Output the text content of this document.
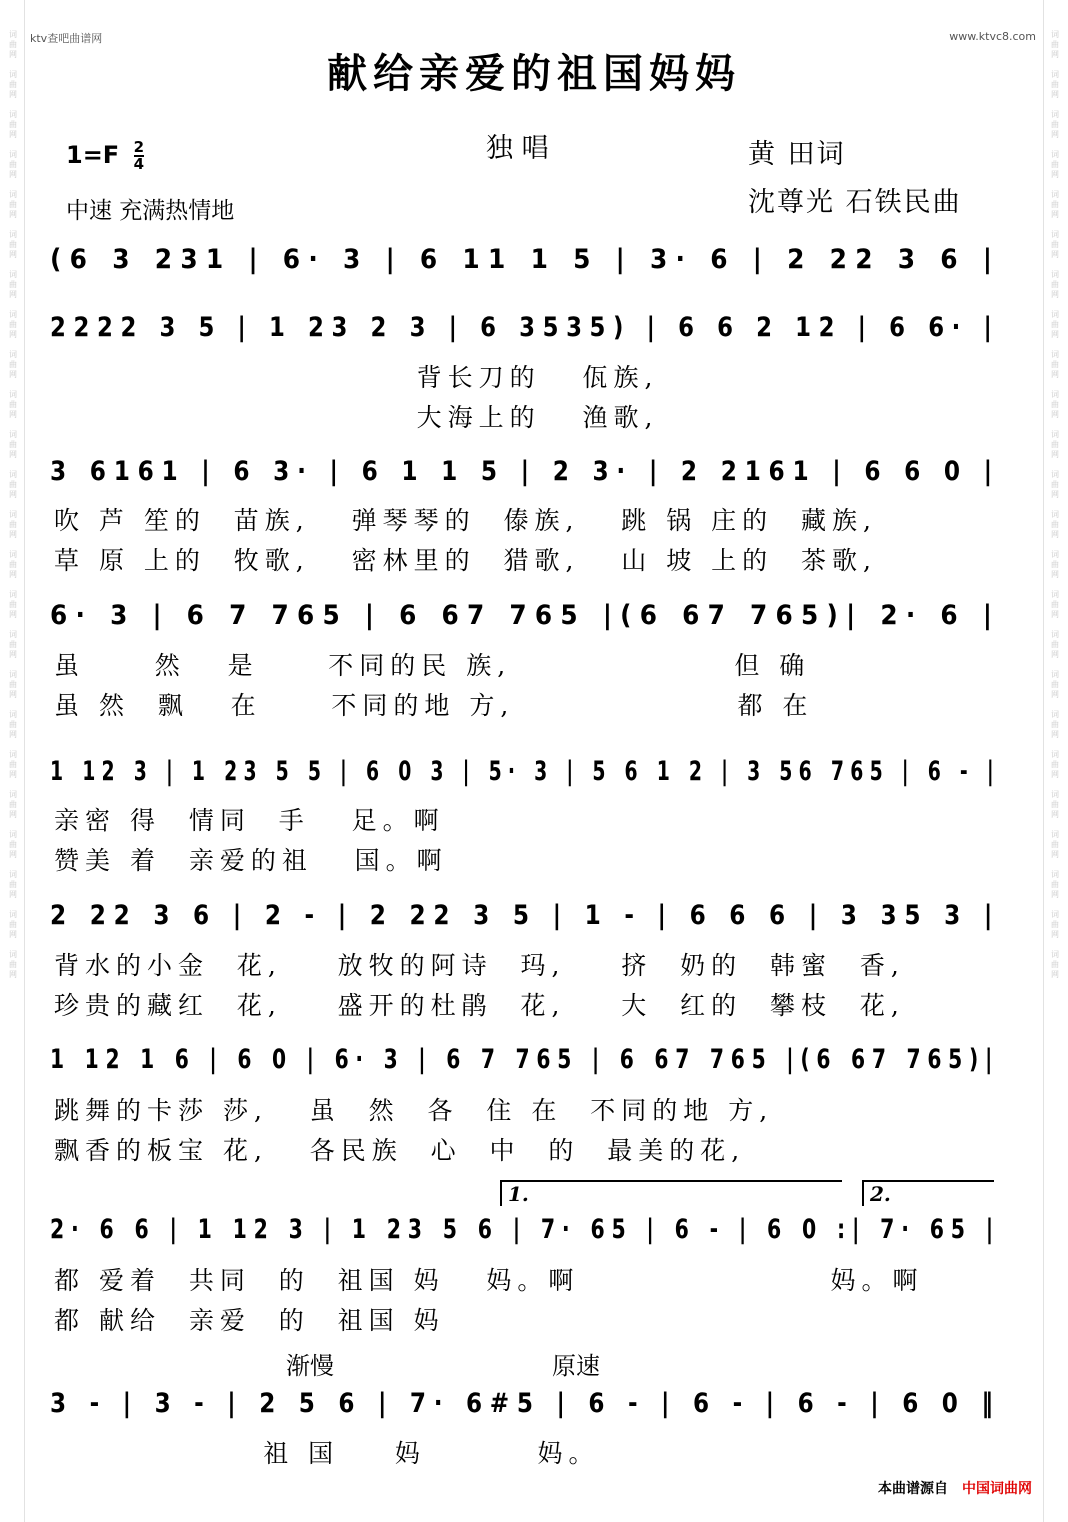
词
曲
网

词
曲
网

词
曲
网

词
曲
网

词
曲
网

词
曲
网

词
曲
网

词
曲
网

词
曲
网

词
曲
网

词
曲
网

词
曲
网

词
曲
网

词
曲
网

词
曲
网

词
曲
网

词
曲
网

词
曲
网

词
曲
网

词
曲
网

词
曲
网

词
曲
网

词
曲
网

词
曲
网

词
曲
网

词
曲
网

词
曲
网

词
曲
网

词
曲
网

词
曲
网

词
曲
网

词
曲
网

词
曲
网

词
曲
网

词
曲
网

词
曲
网

词
曲
网

词
曲
网

词
曲
网

词
曲
网

词
曲
网

词
曲
网

词
曲
网

词
曲
网

词
曲
网

词
曲
网

词
曲
网

词
曲
网

ktv查吧曲谱网	www.ktvc8.com
献给亲爱的祖国妈妈
$1=F \frac{2}{4}$	独 唱	黄 田词
沈尊光 石铁民曲
中速 充满热情地
(6 3 231 | 6· 3 | 6 11 1 5 | 3· 6 | 2 22 3 6 |
2222 3 5 | 1 23 2 3 | 6 3535) | 6 6 2 12 | 6 6· |
背长刀的   佤族,
大海上的   渔歌,
3 6161 | 6 3· | 6 1 1 5 | 2 3· | 2 2161 | 6 6 0 |
吹 芦 笙的  苗族,   弹琴琴的  傣族,   跳 锅 庄的  藏族,
草 原 上的  牧歌,   密林里的  猎歌,   山 坡 上的  茶歌,
6· 3 | 6 7 765 | 6 67 765 |(6 67 765)| 2· 6 |
虽     然   是     不同的民 族,                但 确
虽 然  飘   在     不同的地 方,                都 在
1 12 3 | 1 23 5 5 | 6 0 3 | 5· 3 | 5 6 1 2 | 3 56 765 | 6 - |
亲密 得  情同  手   足。啊
赞美 着  亲爱的祖   国。啊
2 22 3 6 | 2 - | 2 22 3 5 | 1 - | 6 6 6 | 3 35 3 |
背水的小金  花,    放牧的阿诗  玛,    挤  奶的  韩蜜  香,
珍贵的藏红  花,    盛开的杜鹃  花,    大  红的  攀枝  花,
1 12 1 6 | 6 0 | 6· 3 | 6 7 765 | 6 67 765 |(6 67 765)|
跳舞的卡莎 莎,   虽  然  各  住 在  不同的地 方,
飘香的板宝 花,   各民族  心  中  的  最美的花,
2· 6 6 | 1 12 3 | 1 23 5 6 | 7· 65 | 6 - | 6 0 :| 7· 65 |
1.	2.
都 爱着  共同  的  祖国 妈   妈。啊                  妈。啊
都 献给  亲爱  的  祖国 妈
3 - | 3 - | 2 5 6 | 7· 6#5 | 6 - | 6 - | 6 - | 6 0 ‖
祖 国    妈        妈。
渐慢	原速
本曲谱源自 中国词曲网
